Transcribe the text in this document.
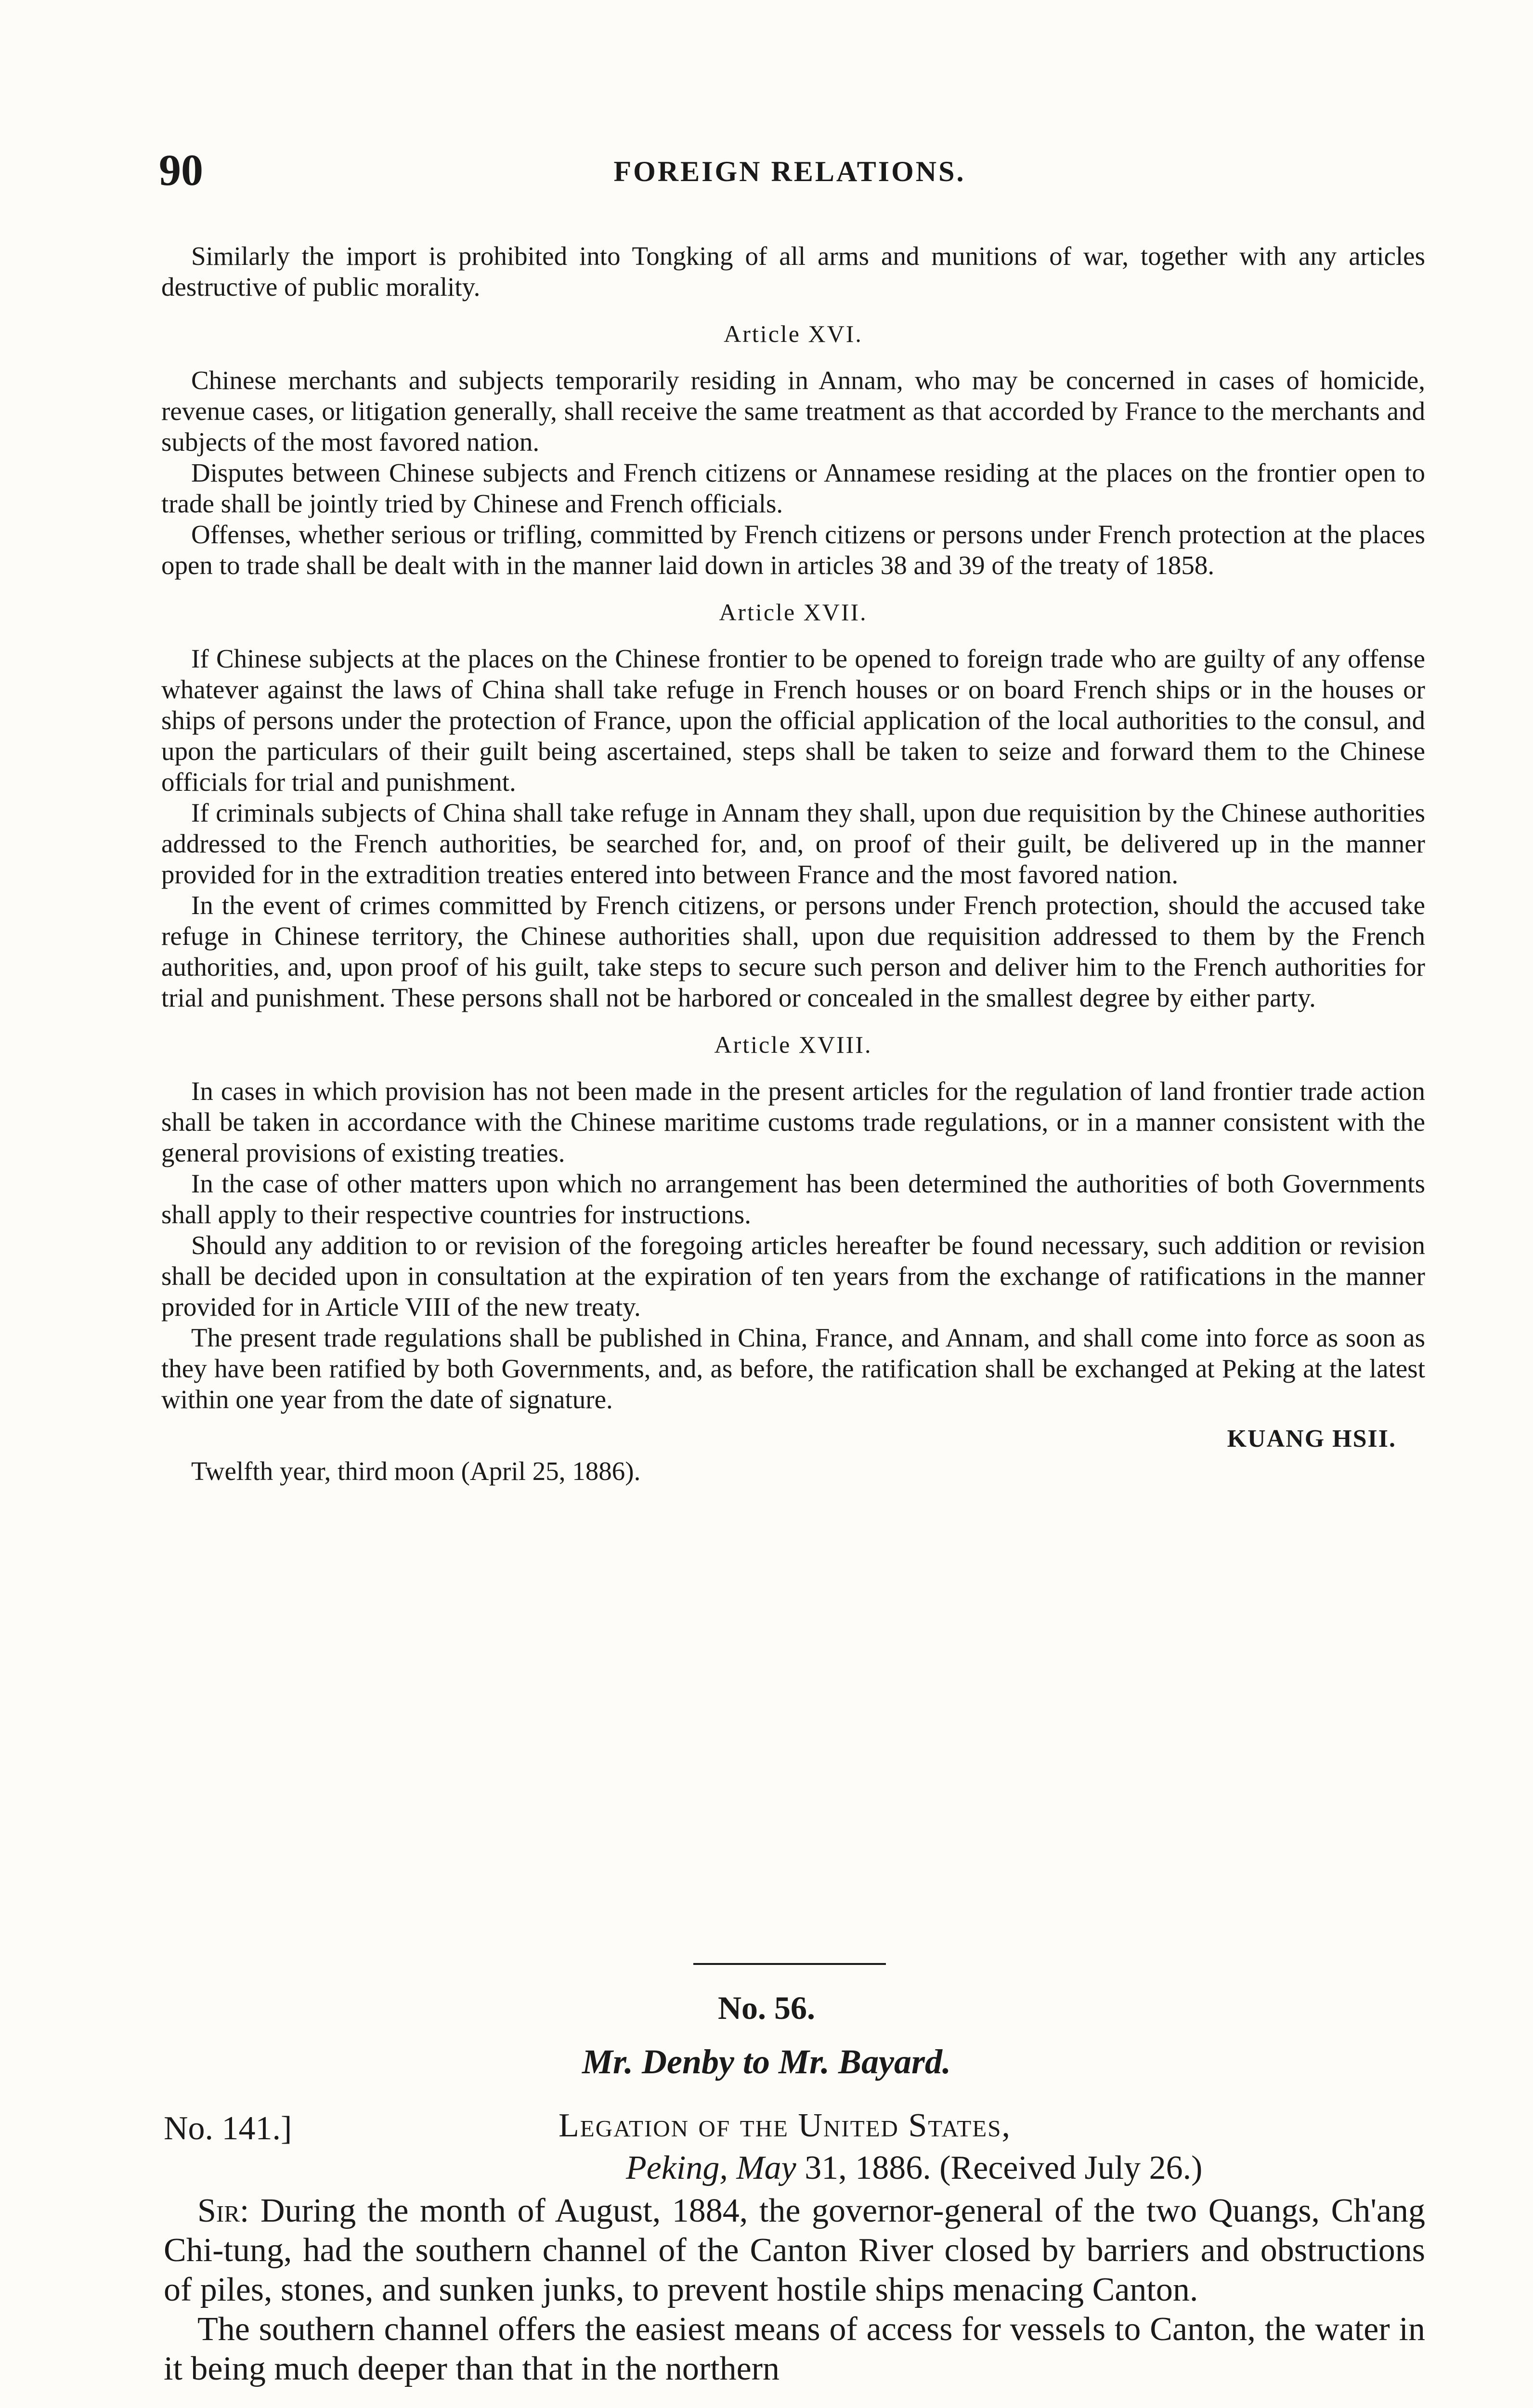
90	FOREIGN RELATIONS.

Similarly the import is prohibited into Tongking of all arms and munitions of war, together with any articles destructive of public morality.

Article XVI.

Chinese merchants and subjects temporarily residing in Annam, who may be concerned in cases of homicide, revenue cases, or litigation generally, shall receive the same treatment as that accorded by France to the merchants and subjects of the most favored nation.

Disputes between Chinese subjects and French citizens or Annamese residing at the places on the frontier open to trade shall be jointly tried by Chinese and French officials.

Offenses, whether serious or trifling, committed by French citizens or persons under French protection at the places open to trade shall be dealt with in the manner laid down in articles 38 and 39 of the treaty of 1858.

Article XVII.

If Chinese subjects at the places on the Chinese frontier to be opened to foreign trade who are guilty of any offense whatever against the laws of China shall take refuge in French houses or on board French ships or in the houses or ships of persons under the protection of France, upon the official application of the local authorities to the consul, and upon the particulars of their guilt being ascertained, steps shall be taken to seize and forward them to the Chinese officials for trial and punishment.

If criminals subjects of China shall take refuge in Annam they shall, upon due requisition by the Chinese authorities addressed to the French authorities, be searched for, and, on proof of their guilt, be delivered up in the manner provided for in the extradition treaties entered into between France and the most favored nation.

In the event of crimes committed by French citizens, or persons under French protection, should the accused take refuge in Chinese territory, the Chinese authorities shall, upon due requisition addressed to them by the French authorities, and, upon proof of his guilt, take steps to secure such person and deliver him to the French authorities for trial and punishment. These persons shall not be harbored or concealed in the smallest degree by either party.

Article XVIII.

In cases in which provision has not been made in the present articles for the regulation of land frontier trade action shall be taken in accordance with the Chinese maritime customs trade regulations, or in a manner consistent with the general provisions of existing treaties.

In the case of other matters upon which no arrangement has been determined the authorities of both Governments shall apply to their respective countries for instructions.

Should any addition to or revision of the foregoing articles hereafter be found necessary, such addition or revision shall be decided upon in consultation at the expiration of ten years from the exchange of ratifications in the manner provided for in Article VIII of the new treaty.

The present trade regulations shall be published in China, France, and Annam, and shall come into force as soon as they have been ratified by both Governments, and, as before, the ratification shall be exchanged at Peking at the latest within one year from the date of signature.

KUANG HSII.
Twelfth year, third moon (April 25, 1886).
No. 56.
Mr. Denby to Mr. Bayard.
No. 141.]	Legation of the United States,
Peking, May 31, 1886. (Received July 26.)

Sir: During the month of August, 1884, the governor-general of the two Quangs, Ch'ang Chi-tung, had the southern channel of the Canton River closed by barriers and obstructions of piles, stones, and sunken junks, to prevent hostile ships menacing Canton.

The southern channel offers the easiest means of access for vessels to Canton, the water in it being much deeper than that in the northern
